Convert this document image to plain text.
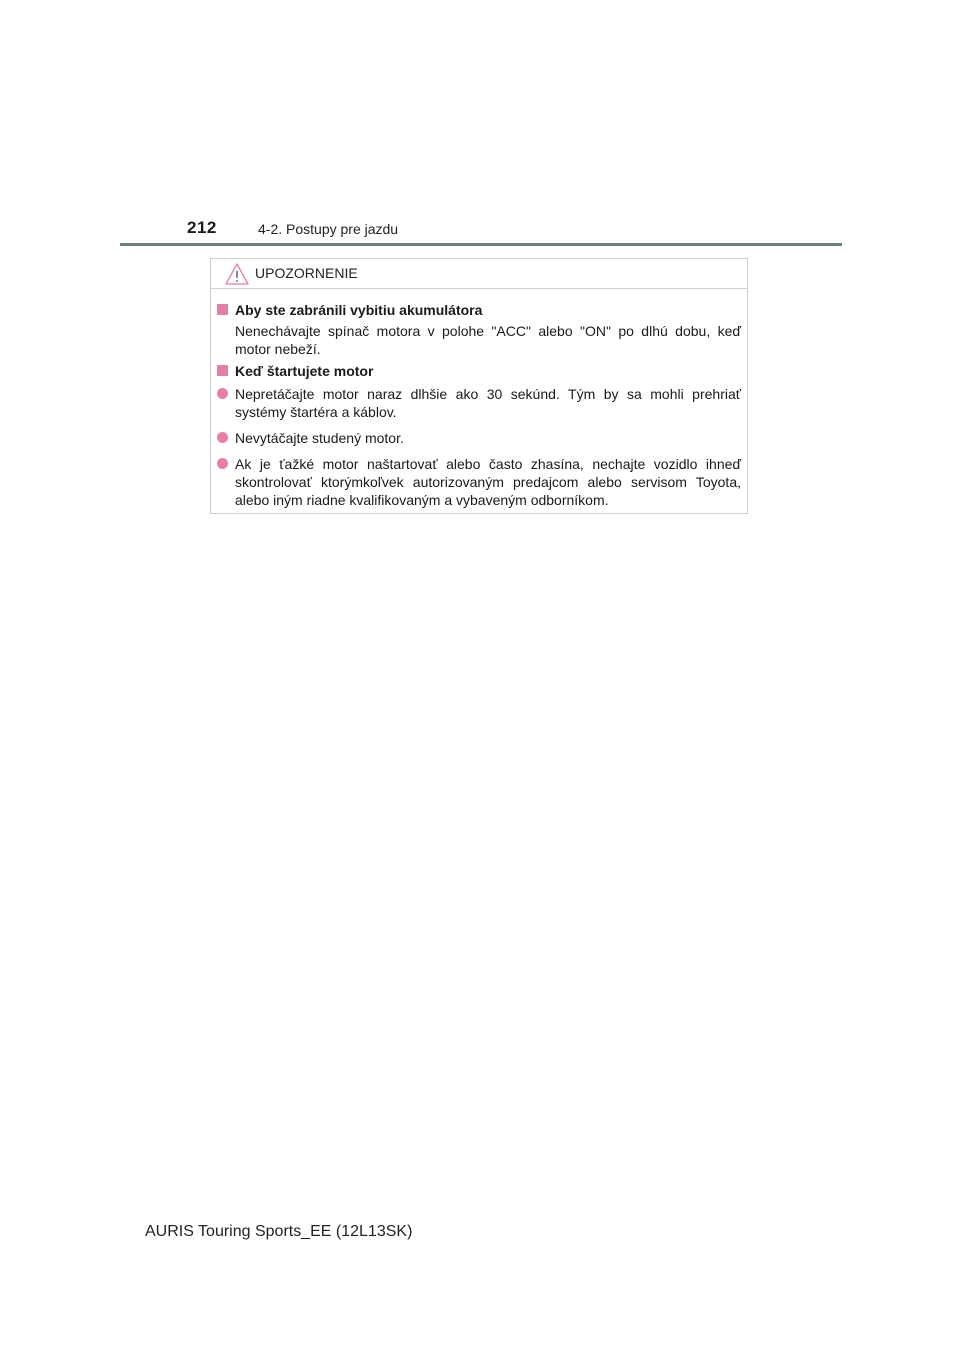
212	4-2. Postupy pre jazdu
UPOZORNENIE
Aby ste zabránili vybitiu akumulátora
Nenechávajte spínač motora v polohe "ACC" alebo "ON" po dlhú dobu, keď motor nebeží.
Keď štartujete motor
Nepretáčajte motor naraz dlhšie ako 30 sekúnd. Tým by sa mohli prehriať systémy štartéra a káblov.
Nevytáčajte studený motor.
Ak je ťažké motor naštartovať alebo často zhasína, nechajte vozidlo ihneď skontrolovať ktorýmkoľvek autorizovaným predajcom alebo servisom Toyota, alebo iným riadne kvalifikovaným a vybaveným odborníkom.
AURIS Touring Sports_EE (12L13SK)
